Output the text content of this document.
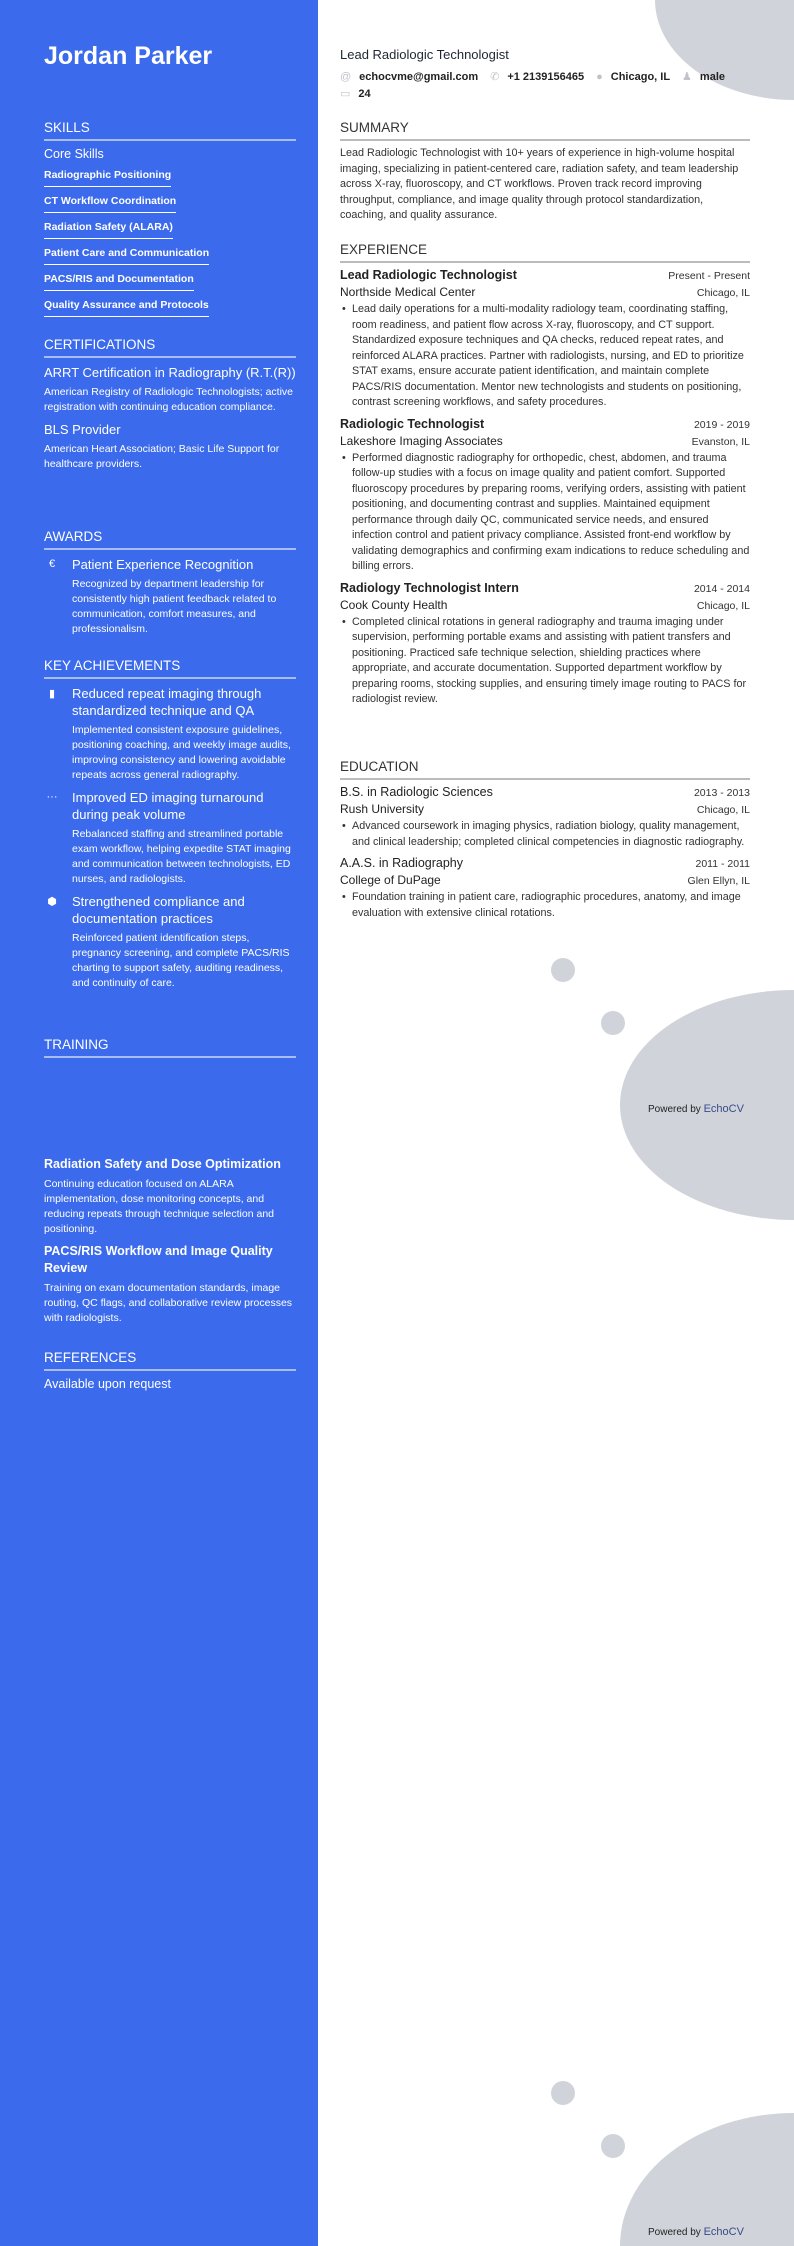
Powered by EchoCV
Powered by EchoCV
Jordan Parker
SKILLS
Core Skills
Radiographic Positioning
CT Workflow Coordination
Radiation Safety (ALARA)
Patient Care and Communication
PACS/RIS and Documentation
Quality Assurance and Protocols
CERTIFICATIONS
ARRT Certification in Radiography (R.T.(R))
American Registry of Radiologic Technologists; active registration with continuing education compliance.
BLS Provider
American Heart Association; Basic Life Support for healthcare providers.
AWARDS
€	Patient Experience Recognition
Recognized by department leadership for consistently high patient feedback related to communication, comfort measures, and professionalism.
KEY ACHIEVEMENTS
▮	Reduced repeat imaging through standardized technique and QA
Implemented consistent exposure guidelines, positioning coaching, and weekly image audits, improving consistency and lowering avoidable repeats across general radiography.
··· Improved ED imaging turnaround during peak volume
Rebalanced staffing and streamlined portable exam workflow, helping expedite STAT imaging and communication between technologists, ED nurses, and radiologists.
⬢ Strengthened compliance and documentation practices
Reinforced patient identification steps, pregnancy screening, and complete PACS/RIS charting to support safety, auditing readiness, and continuity of care.
TRAINING
Radiation Safety and Dose Optimization
Continuing education focused on ALARA implementation, dose monitoring concepts, and reducing repeats through technique selection and positioning.
PACS/RIS Workflow and Image Quality Review
Training on exam documentation standards, image routing, QC flags, and collaborative review processes with radiologists.
REFERENCES
Available upon request
Lead Radiologic Technologist
@ echocvme@gmail.com ✆ +1 2139156465 ● Chicago, IL ♟ male
▭ 24
SUMMARY
Lead Radiologic Technologist with 10+ years of experience in high-volume hospital imaging, specializing in patient-centered care, radiation safety, and team leadership across X-ray, fluoroscopy, and CT workflows. Proven track record improving throughput, compliance, and image quality through protocol standardization, coaching, and quality assurance.
EXPERIENCE
Lead Radiologic Technologist	Present - Present
Northside Medical Center	Chicago, IL
• Lead daily operations for a multi-modality radiology team, coordinating staffing, room readiness, and patient flow across X-ray, fluoroscopy, and CT support. Standardized exposure techniques and QA checks, reduced repeat rates, and reinforced ALARA practices. Partner with radiologists, nursing, and ED to prioritize STAT exams, ensure accurate patient identification, and maintain complete PACS/RIS documentation. Mentor new technologists and students on positioning, contrast screening workflows, and safety procedures.
Radiologic Technologist	2019 - 2019
Lakeshore Imaging Associates	Evanston, IL
• Performed diagnostic radiography for orthopedic, chest, abdomen, and trauma follow-up studies with a focus on image quality and patient comfort. Supported fluoroscopy procedures by preparing rooms, verifying orders, assisting with patient positioning, and documenting contrast and supplies. Maintained equipment performance through daily QC, communicated service needs, and ensured infection control and patient privacy compliance. Assisted front-end workflow by validating demographics and confirming exam indications to reduce scheduling and billing errors.
Radiology Technologist Intern	2014 - 2014
Cook County Health	Chicago, IL
• Completed clinical rotations in general radiography and trauma imaging under supervision, performing portable exams and assisting with patient transfers and positioning. Practiced safe technique selection, shielding practices where appropriate, and accurate documentation. Supported department workflow by preparing rooms, stocking supplies, and ensuring timely image routing to PACS for radiologist review.
EDUCATION
B.S. in Radiologic Sciences	2013 - 2013
Rush University	Chicago, IL
• Advanced coursework in imaging physics, radiation biology, quality management, and clinical leadership; completed clinical competencies in diagnostic radiography.
A.A.S. in Radiography	2011 - 2011
College of DuPage	Glen Ellyn, IL
• Foundation training in patient care, radiographic procedures, anatomy, and image evaluation with extensive clinical rotations.
